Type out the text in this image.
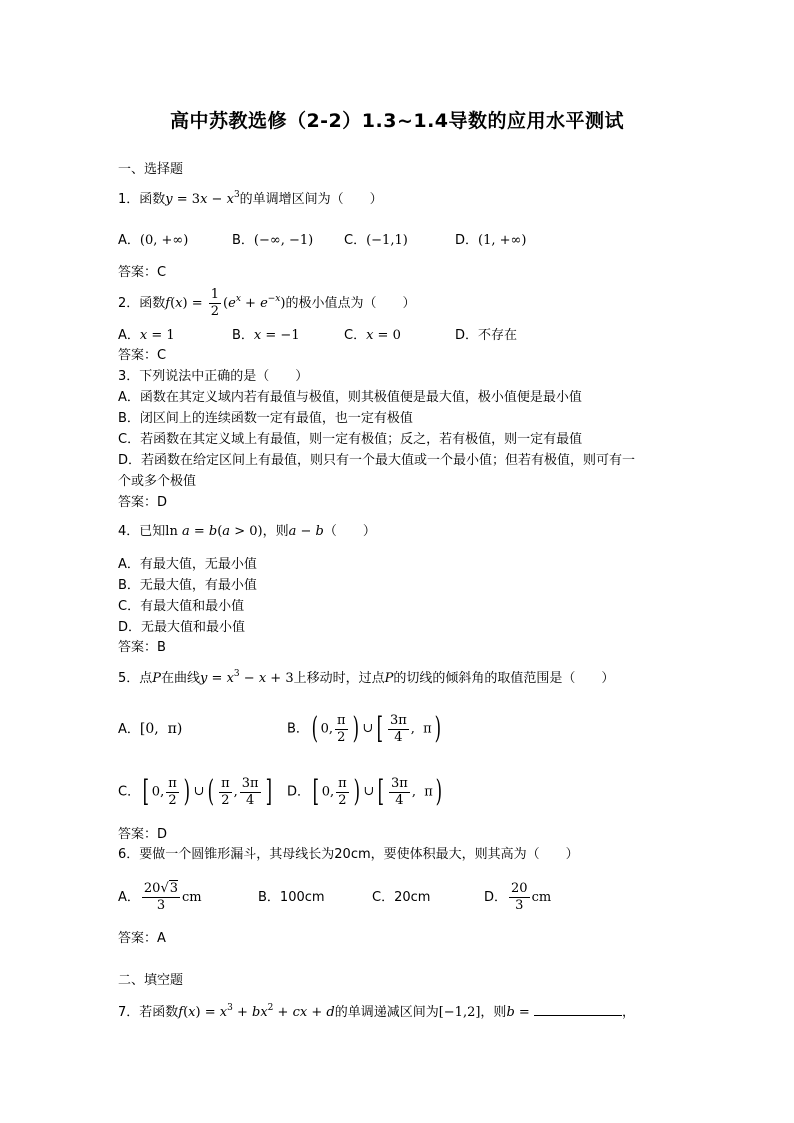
高中苏教选修（2-2）1.3~1.4导数的应用水平测试
一、选择题
1．函数$y = 3x - x^3$的单调增区间为（　　）
A．(0, +∞)	B．(−∞, −1) C．(−1,1)	D．(1, +∞)
答案：C
2．函数$f(x) = \frac{1}{2} (e^x + e^{-x})$的极小值点为（　　）
A．x = 1	B．x = −1	C．x = 0	D．不存在
答案：C
3．下列说法中正确的是（　　）
A．函数在其定义域内若有最值与极值，则其极值便是最大值，极小值便是最小值
B．闭区间上的连续函数一定有最值，也一定有极值
C．若函数在其定义域上有最值，则一定有极值；反之，若有极值，则一定有最值
D．若函数在给定区间上有最值，则只有一个最大值或一个最小值；但若有极值，则可有一
个或多个极值
答案：D
4．已知ln a = b(a > 0)，则a − b（　　）
A．有最大值，无最小值
B．无最大值，有最小值
C．有最大值和最小值
D．无最大值和最小值
答案：B
5．点P在曲线$y = x^3 - x + 3$上移动时，过点P的切线的倾斜角的取值范围是（　　）
A．[0,  π)	B．( 0, $\frac{\pi}{2}$ ) ∪ [ $\frac{3\pi}{4}$ ,  π)
C．[ 0, $\frac{\pi}{2}$ ) ∪ ( $\frac{\pi}{2}$ , $\frac{3\pi}{4}$ ] D．[ 0, $\frac{\pi}{2}$ ) ∪ [ $\frac{3\pi}{4}$ ,  π)
答案：D
6．要做一个圆锥形漏斗，其母线长为20cm，要使体积最大，则其高为（　　）
A． $\frac{20√3}{3}$ cm	B．100cm	C．20cm	D． $\frac{20}{3}$ cm
答案：A
二、填空题
7．若函数$f(x) = x^3 + bx^2$ + cx + d的单调递减区间为[−1,2]，则b =	，
